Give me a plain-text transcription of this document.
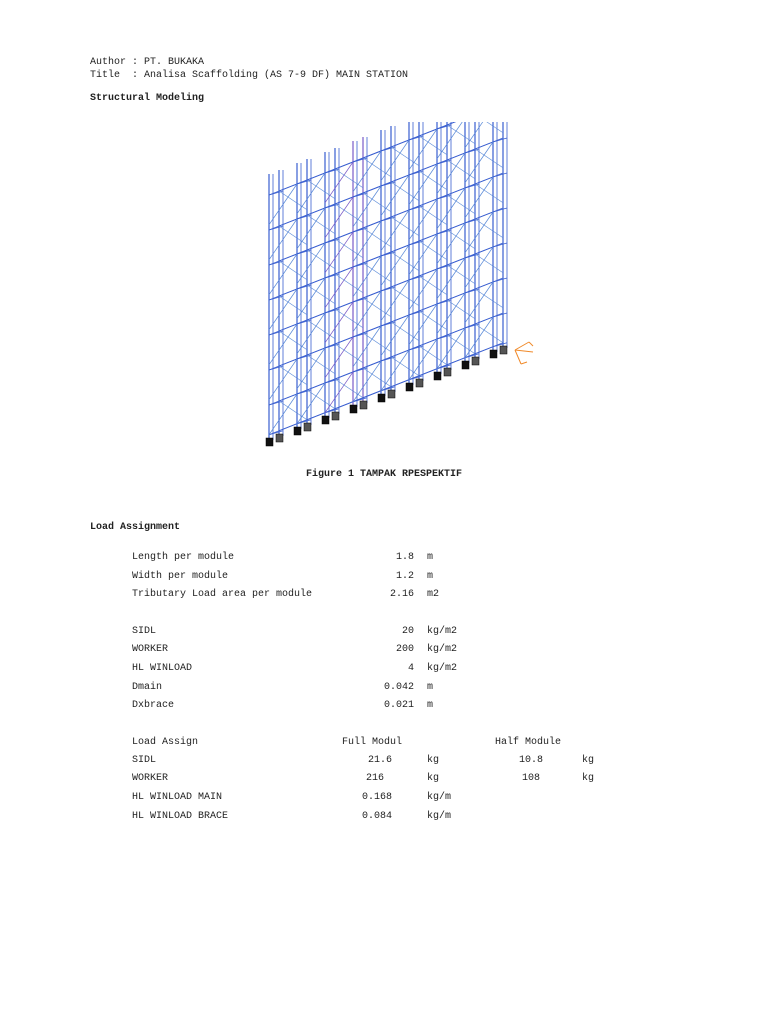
Author : PT. BUKAKA
Title  : Analisa Scaffolding (AS 7-9 DF) MAIN STATION
Structural Modeling
Figure 1 TAMPAK RPESPEKTIF
Load Assignment
Length per module	1.8 m
Width per module	1.2 m
Tributary Load area per module	2.16 m2
SIDL	20 kg/m2
WORKER	200 kg/m2
HL WINLOAD	4 kg/m2
Dmain	0.042 m
Dxbrace	0.021 m
Load Assign	Full Modul	Half Module
SIDL	21.6	kg	10.8	kg
WORKER	216	kg	108	kg
HL WINLOAD MAIN	0.168	kg/m
HL WINLOAD BRACE	0.084	kg/m
